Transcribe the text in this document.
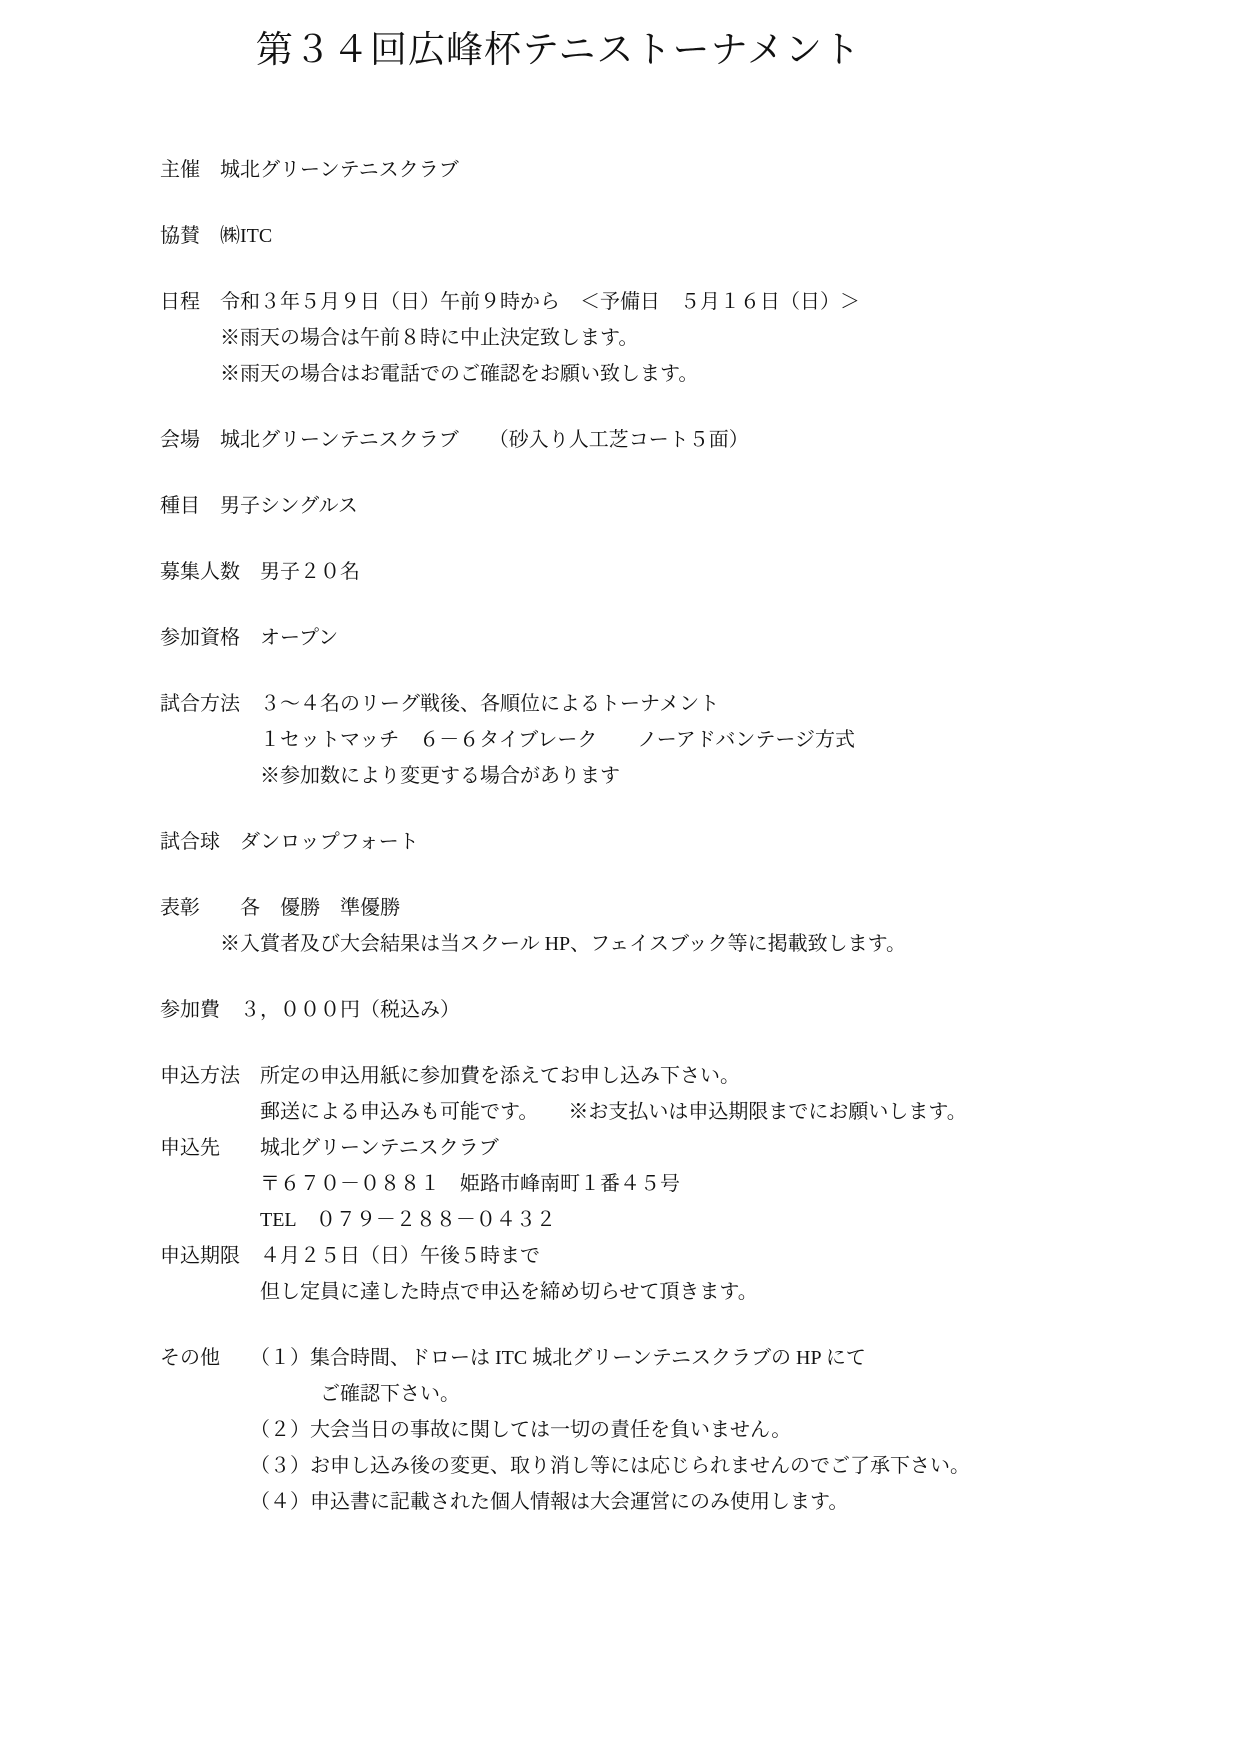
第３４回広峰杯テニストーナメント
主催　城北グリーンテニスクラブ
協賛　㈱ITC
日程　令和３年５月９日（日）午前９時から　＜予備日　５月１６日（日）＞
　　　※雨天の場合は午前８時に中止決定致します。
　　　※雨天の場合はお電話でのご確認をお願い致します。
会場　城北グリーンテニスクラブ　　（砂入り人工芝コート５面）
種目　男子シングルス
募集人数　男子２０名
参加資格　オープン
試合方法　３～４名のリーグ戦後、各順位によるトーナメント
　　　　　１セットマッチ　６－６タイブレーク　　ノーアドバンテージ方式
　　　　　※参加数により変更する場合があります
試合球　ダンロップフォート
表彰　　各　優勝　準優勝
　　　※入賞者及び大会結果は当スクール HP、フェイスブック等に掲載致します。
参加費　３，０００円（税込み）
申込方法　所定の申込用紙に参加費を添えてお申し込み下さい。
　　　　　郵送による申込みも可能です。　　※お支払いは申込期限までにお願いします。
申込先　　城北グリーンテニスクラブ
　　　　　〒６７０－０８８１　姫路市峰南町１番４５号
　　　　　TEL　０７９－２８８－０４３２
申込期限　４月２５日（日）午後５時まで
　　　　　但し定員に達した時点で申込を締め切らせて頂きます。
その他　　（１）集合時間、ドローは ITC 城北グリーンテニスクラブの HP にて
　　　　　　　　ご確認下さい。
　　　　　（２）大会当日の事故に関しては一切の責任を負いません。
　　　　　（３）お申し込み後の変更、取り消し等には応じられませんのでご了承下さい。
　　　　　（４）申込書に記載された個人情報は大会運営にのみ使用します。
